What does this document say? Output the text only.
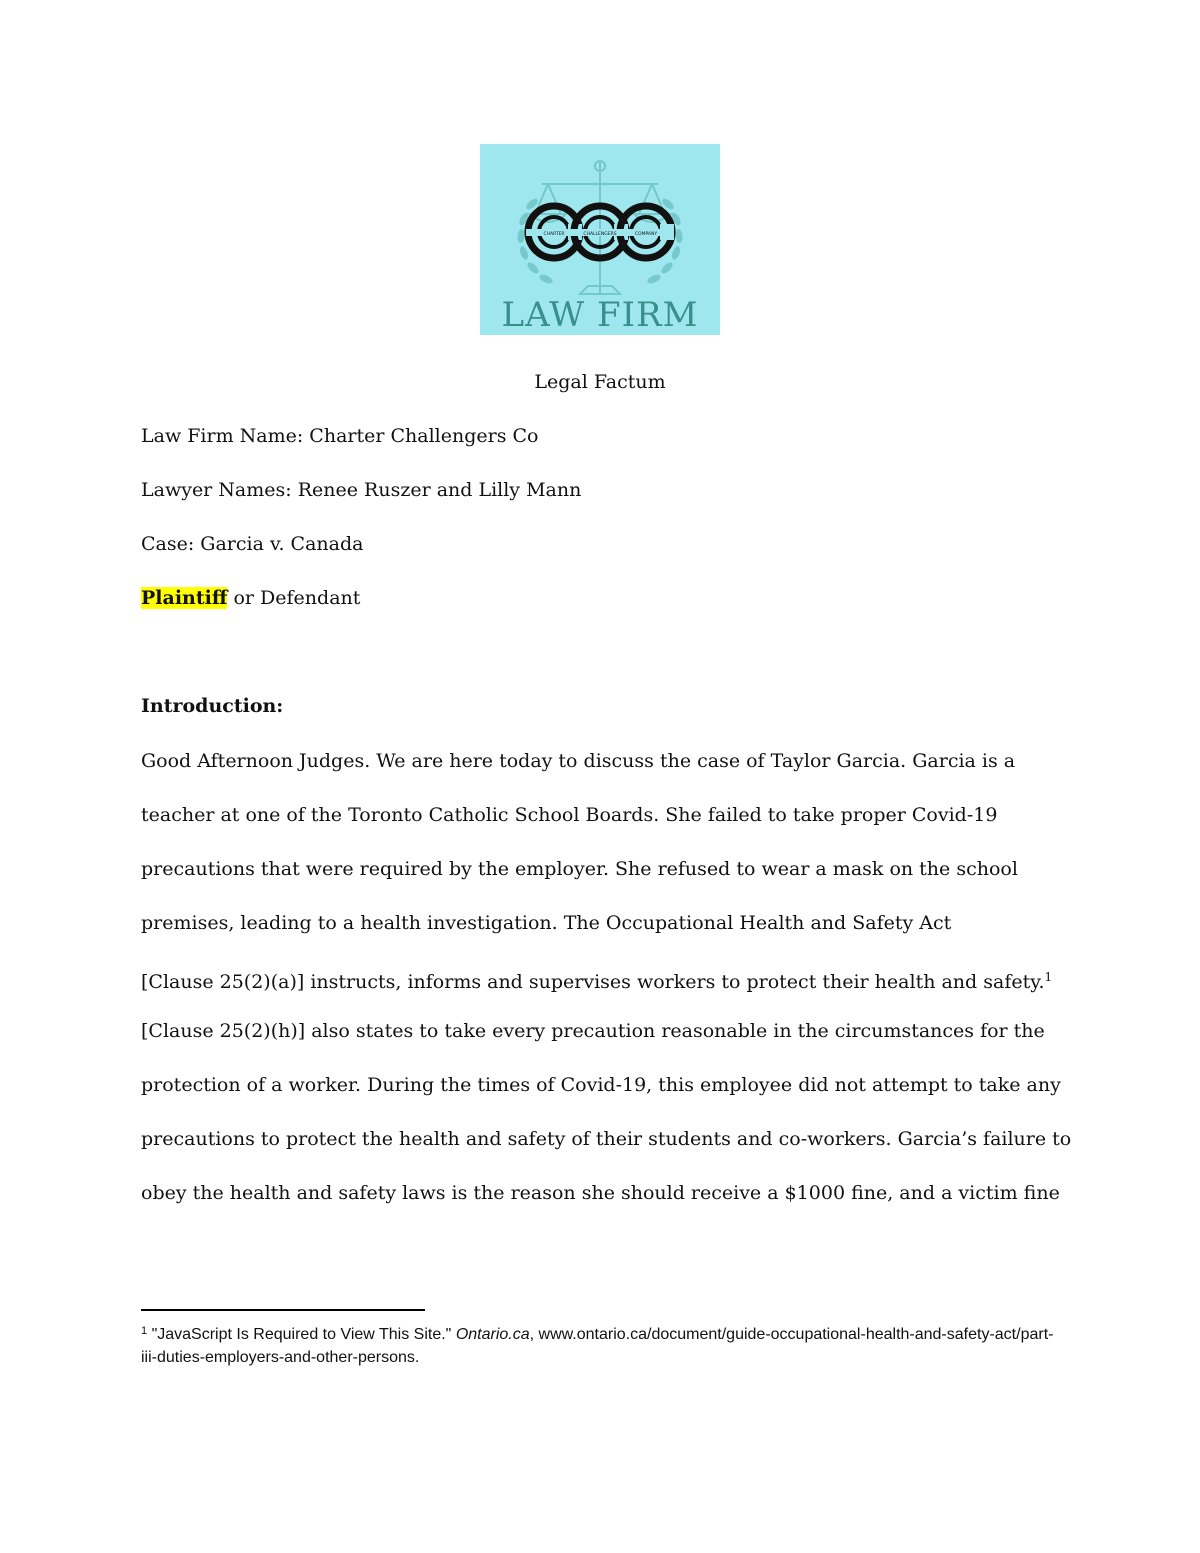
CHARTER	CHALLENGERS	COMPANY
LAW FIRM
Legal Factum
Law Firm Name: Charter Challengers Co
Lawyer Names: Renee Ruszer and Lilly Mann
Case: Garcia v. Canada
Plaintiff or Defendant
Introduction:
Good Afternoon Judges. We are here today to discuss the case of Taylor Garcia. Garcia is a
teacher at one of the Toronto Catholic School Boards. She failed to take proper Covid-19
precautions that were required by the employer. She refused to wear a mask on the school
premises, leading to a health investigation. The Occupational Health and Safety Act
[Clause 25(2)(a)] instructs, informs and supervises workers to protect their health and safety.$^1$
[Clause 25(2)(h)] also states to take every precaution reasonable in the circumstances for the
protection of a worker. During the times of Covid-19, this employee did not attempt to take any
precautions to protect the health and safety of their students and co-workers. Garcia’s failure to
obey the health and safety laws is the reason she should receive a $1000 fine, and a victim fine
$^1$ "JavaScript Is Required to View This Site." Ontario.ca, www.ontario.ca/document/guide-occupational-health-and-safety-act/part-iii-duties-employers-and-other-persons.
